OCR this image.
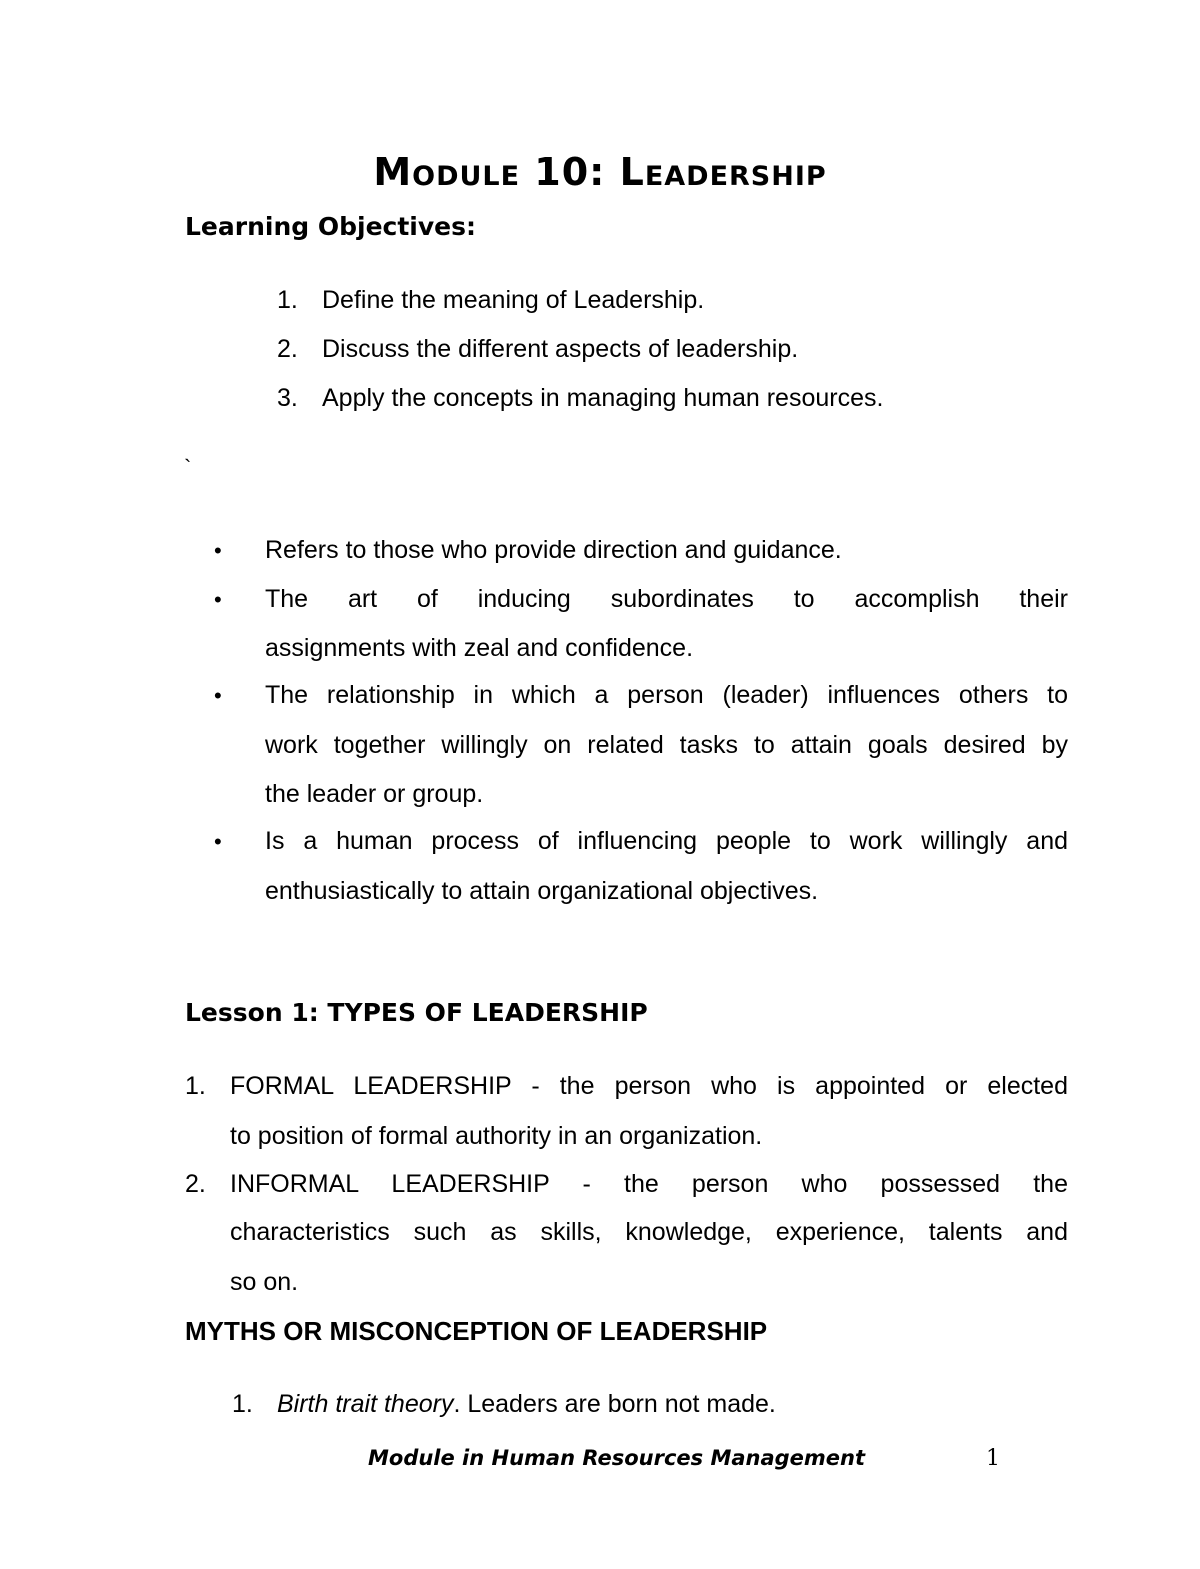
Module 10: Leadership
Learning Objectives:
1. Define the meaning of Leadership.
2. Discuss the different aspects of leadership.
3. Apply the concepts in managing human resources.
`
• Refers to those who provide direction and guidance.
• The art of inducing subordinates to accomplish their
assignments with zeal and confidence.
• The relationship in which a person (leader) influences others to
work together willingly on related tasks to attain goals desired by
the leader or group.
• Is a human process of influencing people to work willingly and
enthusiastically to attain organizational objectives.
Lesson 1: TYPES OF LEADERSHIP
1. FORMAL LEADERSHIP - the person who is appointed or elected
to position of formal authority in an organization.
2. INFORMAL LEADERSHIP - the person who possessed the
characteristics such as skills, knowledge, experience, talents and
so on.
MYTHS OR MISCONCEPTION OF LEADERSHIP
1. Birth trait theory. Leaders are born not made.
Module in Human Resources Management	1
